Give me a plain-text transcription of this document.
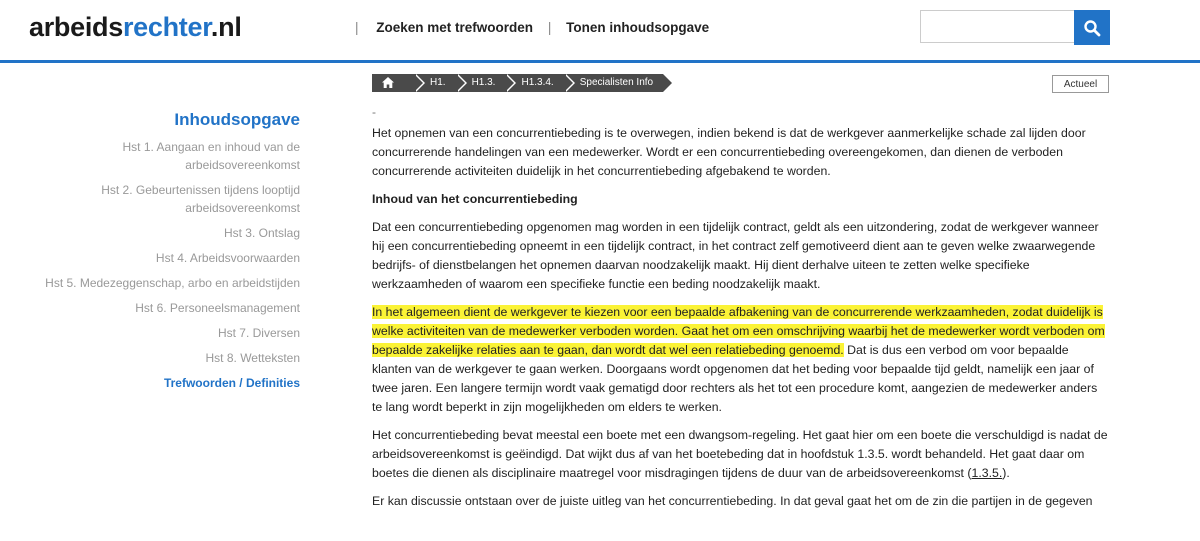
arbeidsrechter.nl	| Zoeken met trefwoorden | Tonen inhoudsopgave
H1.	H1.3.	H1.3.4.	Specialisten Info	Actueel
Inhoudsopgave
Hst 1. Aangaan en inhoud van de arbeidsovereenkomst
Hst 2. Gebeurtenissen tijdens looptijd arbeidsovereenkomst
Hst 3. Ontslag
Hst 4. Arbeidsvoorwaarden
Hst 5. Medezeggenschap, arbo en arbeidstijden
Hst 6. Personeelsmanagement
Hst 7. Diversen
Hst 8. Wetteksten
Trefwoorden / Definities

-

Het opnemen van een concurrentiebeding is te overwegen, indien bekend is dat de werkgever aanmerkelijke schade zal lijden door concurrerende handelingen van een medewerker. Wordt er een concurrentiebeding overeengekomen, dan dienen de verboden concurrerende activiteiten duidelijk in het concurrentiebeding afgebakend te worden.

Inhoud van het concurrentiebeding

Dat een concurrentiebeding opgenomen mag worden in een tijdelijk contract, geldt als een uitzondering, zodat de werkgever wanneer hij een concurrentiebeding opneemt in een tijdelijk contract, in het contract zelf gemotiveerd dient aan te geven welke zwaarwegende bedrijfs- of dienstbelangen het opnemen daarvan noodzakelijk maakt. Hij dient derhalve uiteen te zetten welke specifieke werkzaamheden of waarom een specifieke functie een beding noodzakelijk maakt.

In het algemeen dient de werkgever te kiezen voor een bepaalde afbakening van de concurrerende werkzaamheden, zodat duidelijk is welke activiteiten van de medewerker verboden worden. Gaat het om een omschrijving waarbij het de medewerker wordt verboden om bepaalde zakelijke relaties aan te gaan, dan wordt dat wel een relatiebeding genoemd. Dat is dus een verbod om voor bepaalde klanten van de werkgever te gaan werken. Doorgaans wordt opgenomen dat het beding voor bepaalde tijd geldt, namelijk een jaar of twee jaren. Een langere termijn wordt vaak gematigd door rechters als het tot een procedure komt, aangezien de medewerker anders te lang wordt beperkt in zijn mogelijkheden om elders te werken.

Het concurrentiebeding bevat meestal een boete met een dwangsom-regeling. Het gaat hier om een boete die verschuldigd is nadat de arbeidsovereenkomst is geëindigd. Dat wijkt dus af van het boetebeding dat in hoofdstuk 1.3.5. wordt behandeld. Het gaat daar om boetes die dienen als disciplinaire maatregel voor misdragingen tijdens de duur van de arbeidsovereenkomst (1.3.5.).

Er kan discussie ontstaan over de juiste uitleg van het concurrentiebeding. In dat geval gaat het om de zin die partijen in de gegeven
